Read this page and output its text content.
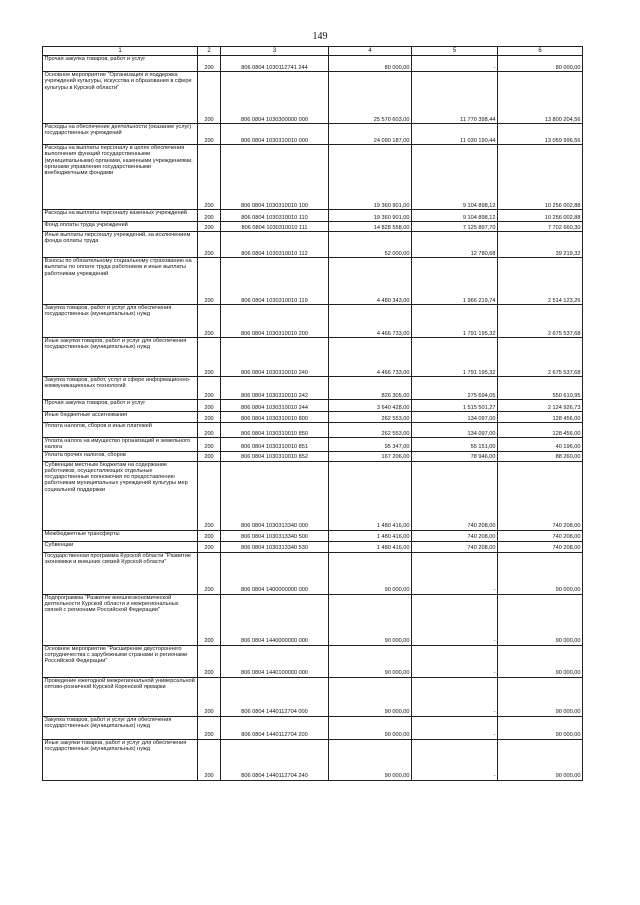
149
1	2	3	4	5	6
Прочая закупка товаров, работ и услуг	200	806 0804 1030112741 244	80 000,00	-	80 000,00
Основное мероприятие "Организация и поддержка учреждений культуры, искусства и образования в сфере культуры в Курской области"	200	806 0804 1030300000 000	25 570 603,00	11 770 398,44	13 800 204,56
Расходы на обеспечение деятельности (оказание услуг) государственных учреждений	200	806 0804 1030310010 000	24 090 187,00	11 030 190,44	13 059 996,56
Расходы на выплаты персоналу в целях обеспечения выполнения функций государственными (муниципальными) органами, казенными учреждениями, органами управления государственными внебюджетными фондами	200	806 0804 1030310010 100	19 360 901,00	9 104 898,12	10 256 002,88
Расходы на выплаты персоналу казенных учреждений	200	806 0804 1030310010 110	19 360 901,00	9 104 898,12	10 256 002,88
Фонд оплаты труда учреждений	200	806 0804 1030310010 111	14 828 558,00	7 125 897,70	7 702 660,30
Иные выплаты персоналу учреждений, за исключением фонда оплаты труда	200	806 0804 1030310010 112	52 000,00	12 780,68	39 219,32
Взносы по обязательному социальному страхованию на выплаты по оплате труда работников и иные выплаты работникам учреждений	200	806 0804 1030310010 119	4 480 343,00	1 966 219,74	2 514 123,26
Закупка товаров, работ и услуг для обеспечения государственных (муниципальных) нужд	200	806 0804 1030310010 200	4 466 733,00	1 791 195,32	2 675 537,68
Иные закупки товаров, работ и услуг для обеспечения государственных (муниципальных) нужд	200	806 0804 1030310010 240	4 466 733,00	1 791 195,32	2 675 537,68
Закупка товаров, работ, услуг в сфере информационно-коммуникационных технологий	200	806 0804 1030310010 242	826 305,00	275 694,05	550 610,95
Прочая закупка товаров, работ и услуг	200	806 0804 1030310010 244	3 640 428,00	1 515 501,27	2 124 926,73
Иные бюджетные ассигнования	200	806 0804 1030310010 800	262 553,00	134 097,00	128 456,00
Уплата налогов, сборов и иных платежей	200	806 0804 1030310010 850	262 553,00	134 097,00	128 456,00
Уплата налога на имущество организаций и земельного налога	200	806 0804 1030310010 851	95 347,00	55 151,00	40 196,00
Уплата прочих налогов, сборов	200	806 0804 1030310010 852	167 206,00	78 946,00	88 260,00
Субвенции местным бюджетам на содержание работников, осуществляющих отдельные государственные полномочия по предоставлению работникам муниципальных учреждений культуры мер социальной поддержки	200	806 0804 1030313340 000	1 480 416,00	740 208,00	740 208,00
Межбюджетные трансферты	200	806 0804 1030313340 500	1 480 416,00	740 208,00	740 208,00
Субвенции	200	806 0804 1030313340 530	1 480 416,00	740 208,00	740 208,00
Государственная программа Курской области "Развитие экономики и внешних связей Курской области"	200	806 0804 1400000000 000	90 000,00	-	90 000,00
Подпрограмма "Развитие внешнеэкономической деятельности Курской области и межрегиональных связей с регионами Российской Федерации"	200	806 0804 1440000000 000	90 000,00	-	90 000,00
Основное мероприятие "Расширение двустороннего сотрудничества с зарубежными странами и регионами Российской Федерации"	200	806 0804 1440100000 000	90 000,00	-	90 000,00
Проведение ежегодной межрегиональной универсальной оптово-розничной Курской Коренской ярмарки	200	806 0804 1440112704 000	90 000,00	-	90 000,00
Закупка товаров, работ и услуг для обеспечения государственных (муниципальных) нужд	200	806 0804 1440112704 200	90 000,00	-	90 000,00
Иные закупки товаров, работ и услуг для обеспечения государственных (муниципальных) нужд	200	806 0804 1440112704 240	90 000,00	-	90 000,00
